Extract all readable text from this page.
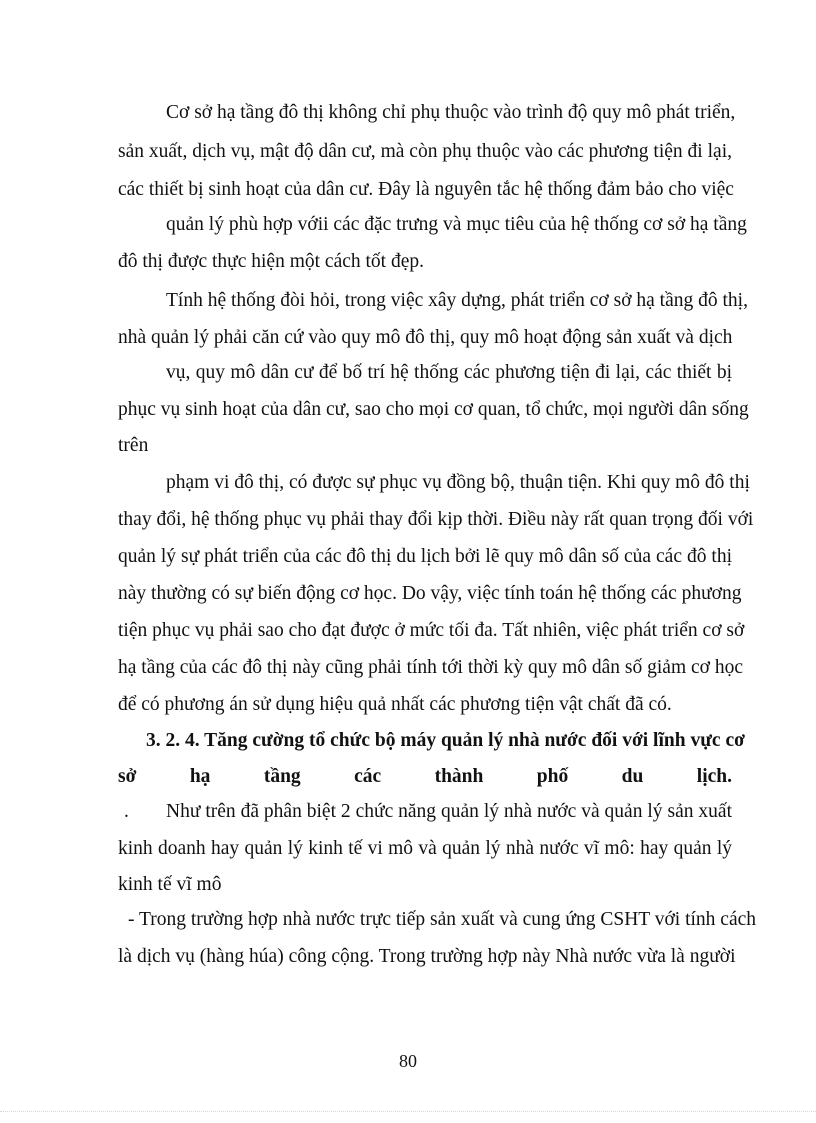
Cơ sở hạ tầng đô thị không chỉ phụ thuộc vào trình độ quy mô phát triển,
sản xuất, dịch vụ, mật độ dân cư, mà còn phụ thuộc vào các phương tiện đi lại,
các thiết bị sinh hoạt của dân cư. Đây là nguyên tắc hệ thống đảm bảo cho việc
quản lý phù hợp vớii các đặc trưng và mục tiêu của hệ thống cơ sở hạ tầng
đô thị được thực hiện một cách tốt đẹp.
Tính hệ thống đòi hỏi, trong việc xây dựng, phát triển cơ sở hạ tầng đô thị,
nhà quản lý phải căn cứ vào quy mô đô thị, quy mô hoạt động sản xuất và dịch
vụ, quy mô dân cư để bố trí hệ thống các phương tiện đi lại, các thiết bị
phục vụ sinh hoạt của dân cư, sao cho mọi cơ quan, tổ chức, mọi người dân sống
trên
phạm vi đô thị, có được sự phục vụ đồng bộ, thuận tiện. Khi quy mô đô thị
thay đổi, hệ thống phục vụ phải thay đổi kịp thời. Điều này rất quan trọng đối với
quản lý sự phát triển của các đô thị du lịch bởi lẽ quy mô dân số của các đô thị
này thường có sự biến động cơ học. Do vậy, việc tính toán hệ thống các phương
tiện phục vụ phải sao cho đạt được ở mức tối đa. Tất nhiên, việc phát triển cơ sở
hạ tầng của các đô thị này cũng phải tính tới thời kỳ quy mô dân số giảm cơ học
để có phương án sử dụng hiệu quả nhất các phương tiện vật chất đã có.
3. 2. 4. Tăng cường tổ chức bộ máy quản lý nhà nước đối với lĩnh vực cơ
sở hạ tầng các thành phố du lịch.
. Như trên đã phân biệt 2 chức năng quản lý nhà nước và quản lý sản xuất
kinh doanh hay quản lý kinh tế vi mô và quản lý nhà nước vĩ mô: hay quản lý
kinh tế vĩ mô
- Trong trường hợp nhà nước trực tiếp sản xuất và cung ứng CSHT với tính cách
là dịch vụ (hàng húa) công cộng. Trong trường hợp này Nhà nước vừa là người
80
